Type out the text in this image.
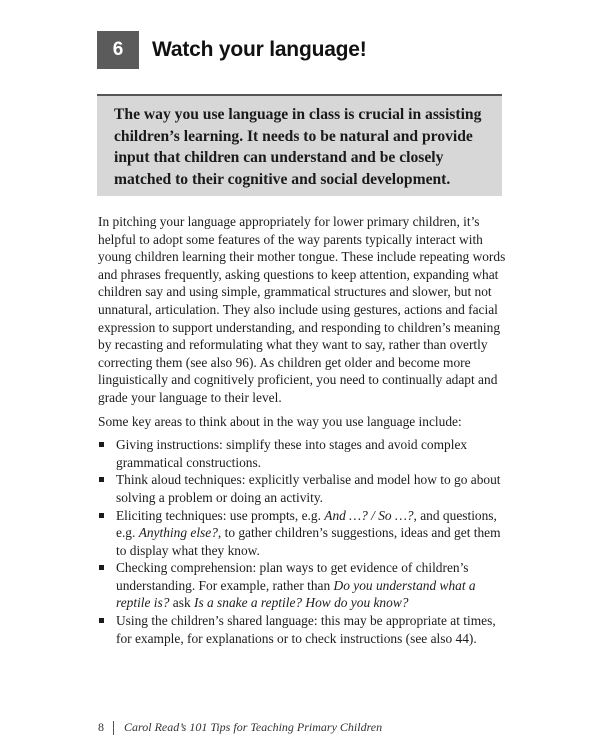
6	Watch your language!
The way you use language in class is crucial in assisting children’s learning. It needs to be natural and provide input that children can understand and be closely matched to their cognitive and social development.

In pitching your language appropriately for lower primary children, it’s helpful to adopt some features of the way parents typically interact with young children learning their mother tongue. These include repeating words and phrases frequently, asking questions to keep attention, expanding what children say and using simple, grammatical structures and slower, but not unnatural, articulation. They also include using gestures, actions and facial expression to support understanding, and responding to children’s meaning by recasting and reformulating what they want to say, rather than overtly correcting them (see also 96). As children get older and become more linguistically and cognitively proficient, you need to continually adapt and grade your language to their level.

Some key areas to think about in the way you use language include:

Giving instructions: simplify these into stages and avoid complex grammatical constructions.
Think aloud techniques: explicitly verbalise and model how to go about solving a problem or doing an activity.
Eliciting techniques: use prompts, e.g. And …? / So …?, and questions, e.g. Anything else?, to gather children’s suggestions, ideas and get them to display what they know.
Checking comprehension: plan ways to get evidence of children’s understanding. For example, rather than Do you understand what a reptile is? ask Is a snake a reptile? How do you know?
Using the children’s shared language: this may be appropriate at times, for example, for explanations or to check instructions (see also 44).
8 Carol Read’s 101 Tips for Teaching Primary Children
